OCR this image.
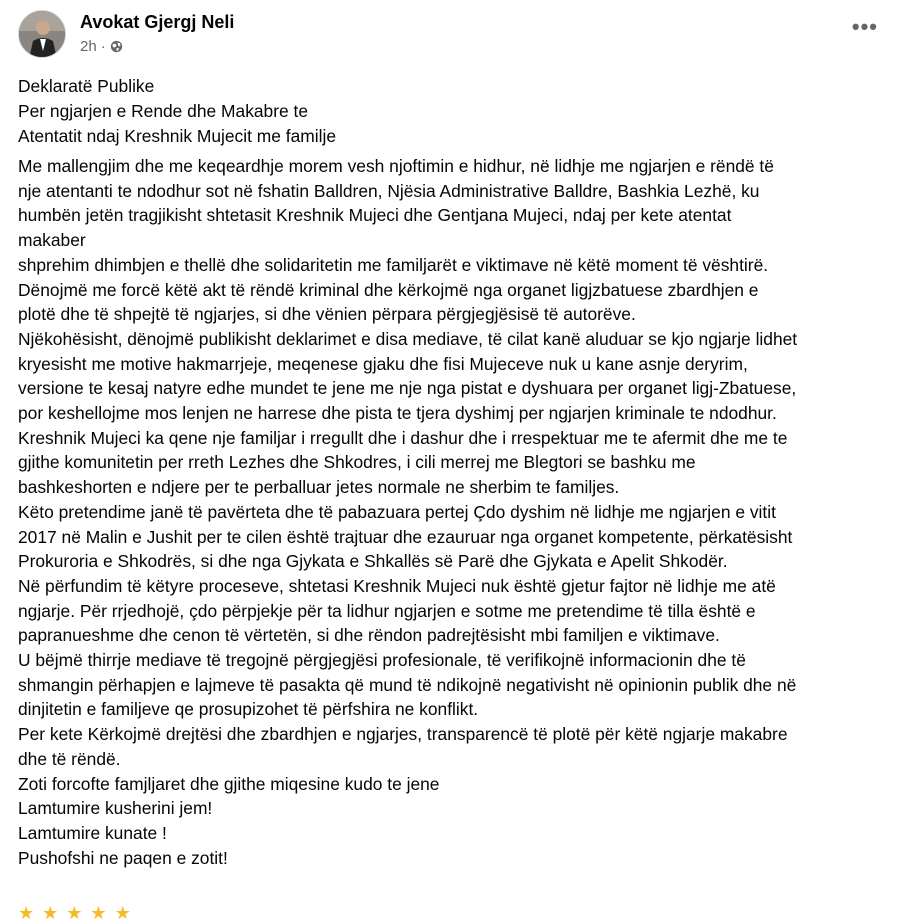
Avokat Gjergj Neli
2h ·
•••
Deklaratë Publike
Per ngjarjen e Rende dhe Makabre te
Atentatit ndaj Kreshnik Mujecit me familje
Me mallengjim dhe me keqeardhje morem vesh njoftimin e hidhur, në lidhje me ngjarjen e rëndë të
nje atentanti te ndodhur sot në fshatin Balldren, Njësia Administrative Balldre, Bashkia Lezhë, ku
humbën jetën tragjikisht shtetasit Kreshnik Mujeci dhe Gentjana Mujeci, ndaj per kete atentat
makaber
shprehim dhimbjen e thellë dhe solidaritetin me familjarët e viktimave në këtë moment të vështirë.
Dënojmë me forcë këtë akt të rëndë kriminal dhe kërkojmë nga organet ligjzbatuese zbardhjen e
plotë dhe të shpejtë të ngjarjes, si dhe vënien përpara përgjegjësisë të autorëve.
Njëkohësisht, dënojmë publikisht deklarimet e disa mediave, të cilat kanë aluduar se kjo ngjarje lidhet
kryesisht me motive hakmarrjeje, meqenese gjaku dhe fisi Mujeceve nuk u kane asnje deryrim,
versione te kesaj natyre edhe mundet te jene me nje nga pistat e dyshuara per organet ligj-Zbatuese,
por keshellojme mos lenjen ne harrese dhe pista te tjera dyshimj per ngjarjen kriminale te ndodhur.
Kreshnik Mujeci ka qene nje familjar i rregullt dhe i dashur dhe i rrespektuar me te afermit dhe me te
gjithe komunitetin per rreth Lezhes dhe Shkodres, i cili merrej me Blegtori se bashku me
bashkeshorten e ndjere per te perballuar jetes normale ne sherbim te familjes.
Këto pretendime janë të pavërteta dhe të pabazuara pertej Çdo dyshim në lidhje me ngjarjen e vitit
2017 në Malin e Jushit per te cilen është trajtuar dhe ezauruar nga organet kompetente, përkatësisht
Prokuroria e Shkodrës, si dhe nga Gjykata e Shkallës së Parë dhe Gjykata e Apelit Shkodër.
Në përfundim të këtyre proceseve, shtetasi Kreshnik Mujeci nuk është gjetur fajtor në lidhje me atë
ngjarje. Për rrjedhojë, çdo përpjekje për ta lidhur ngjarjen e sotme me pretendime të tilla është e
papranueshme dhe cenon të vërtetën, si dhe rëndon padrejtësisht mbi familjen e viktimave.
U bëjmë thirrje mediave të tregojnë përgjegjësi profesionale, të verifikojnë informacionin dhe të
shmangin përhapjen e lajmeve të pasakta që mund të ndikojnë negativisht në opinionin publik dhe në
dinjitetin e familjeve qe prosupizohet të përfshira ne konflikt.
Per kete Kërkojmë drejtësi dhe zbardhjen e ngjarjes, transparencë të plotë për këtë ngjarje makabre
dhe të rëndë.
Zoti forcofte famjljaret dhe gjithe miqesine kudo te jene
Lamtumire kusherini jem!
Lamtumire kunate !
Pushofshi ne paqen e zotit!
★ ★ ★ ★ ★
